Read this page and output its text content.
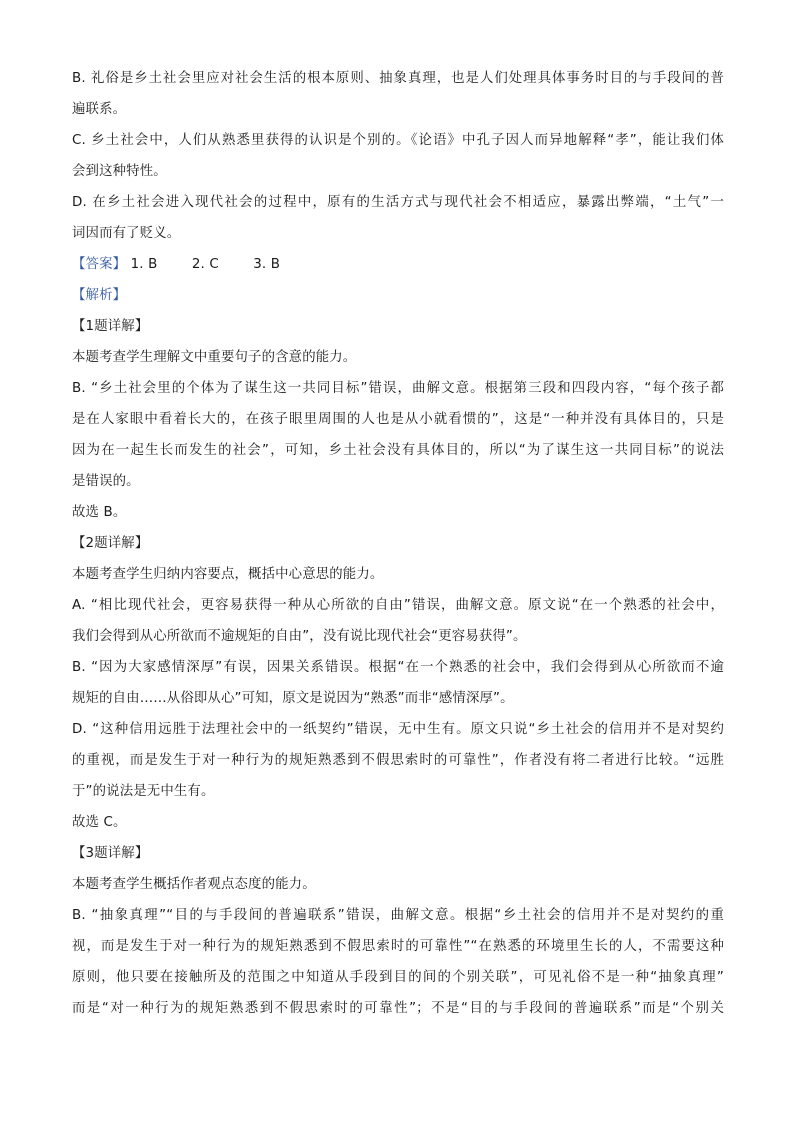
B. 礼俗是乡土社会里应对社会生活的根本原则、抽象真理，也是人们处理具体事务时目的与手段间的普
遍联系。
C. 乡土社会中，人们从熟悉里获得的认识是个别的。《论语》中孔子因人而异地解释“孝”，能让我们体
会到这种特性。
D. 在乡土社会进入现代社会的过程中，原有的生活方式与现代社会不相适应，暴露出弊端，“土气”一
词因而有了贬义。
【答案】 1. B	2. C	3. B
【解析】
【1题详解】
本题考查学生理解文中重要句子的含意的能力。
B. “乡土社会里的个体为了谋生这一共同目标”错误，曲解文意。根据第三段和四段内容，“每个孩子都
是在人家眼中看着长大的，在孩子眼里周围的人也是从小就看惯的”，这是“一种并没有具体目的，只是
因为在一起生长而发生的社会”，可知，乡土社会没有具体目的，所以“为了谋生这一共同目标”的说法
是错误的。
故选 B。
【2题详解】
本题考查学生归纳内容要点，概括中心意思的能力。
A. “相比现代社会，更容易获得一种从心所欲的自由”错误，曲解文意。原文说“在一个熟悉的社会中，
我们会得到从心所欲而不逾规矩的自由”，没有说比现代社会“更容易获得”。
B. “因为大家感情深厚”有误，因果关系错误。根据“在一个熟悉的社会中，我们会得到从心所欲而不逾
规矩的自由……从俗即从心”可知，原文是说因为“熟悉”而非“感情深厚”。
D. “这种信用远胜于法理社会中的一纸契约”错误，无中生有。原文只说“乡土社会的信用并不是对契约
的重视，而是发生于对一种行为的规矩熟悉到不假思索时的可靠性”，作者没有将二者进行比较。“远胜
于”的说法是无中生有。
故选 C。
【3题详解】
本题考查学生概括作者观点态度的能力。
B. “抽象真理”“目的与手段间的普遍联系”错误，曲解文意。根据“乡土社会的信用并不是对契约的重
视，而是发生于对一种行为的规矩熟悉到不假思索时的可靠性”“在熟悉的环境里生长的人，不需要这种
原则，他只要在接触所及的范围之中知道从手段到目的间的个别关联”，可见礼俗不是一种“抽象真理”
而是“对一种行为的规矩熟悉到不假思索时的可靠性”；不是“目的与手段间的普遍联系”而是“个别关
